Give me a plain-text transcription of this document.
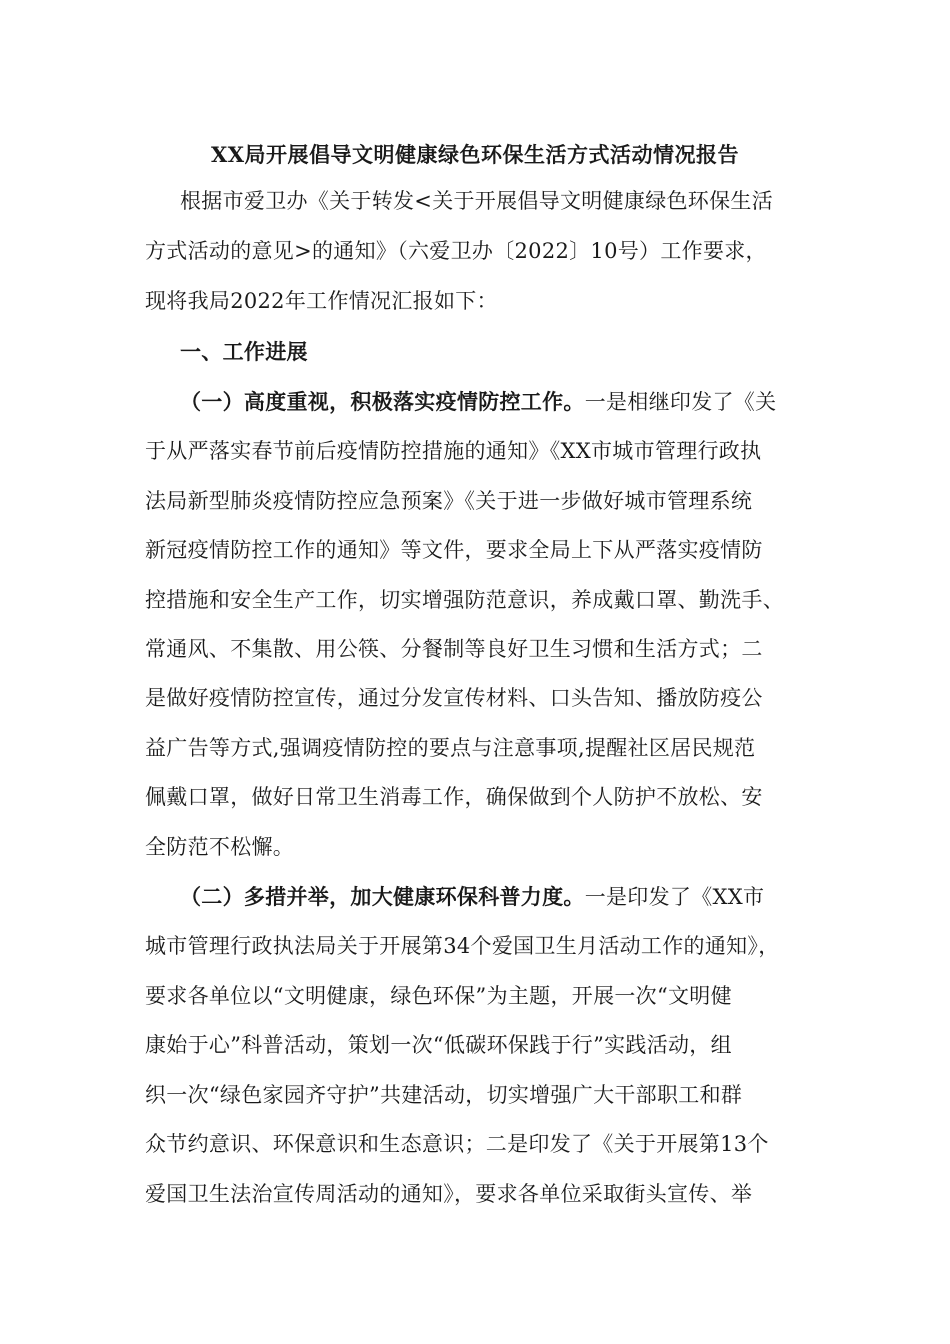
XX局开展倡导文明健康绿色环保生活方式活动情况报告
根据市爱卫办《关于转发<关于开展倡导文明健康绿色环保生活
方式活动的意见>的通知》（六爱卫办〔2022〕10号）工作要求，
现将我局2022年工作情况汇报如下：
一、工作进展
（一）高度重视，积极落实疫情防控工作。一是相继印发了《关
于从严落实春节前后疫情防控措施的通知》《XX市城市管理行政执
法局新型肺炎疫情防控应急预案》《关于进一步做好城市管理系统
新冠疫情防控工作的通知》等文件，要求全局上下从严落实疫情防
控措施和安全生产工作，切实增强防范意识，养成戴口罩、勤洗手、
常通风、不集散、用公筷、分餐制等良好卫生习惯和生活方式；二
是做好疫情防控宣传，通过分发宣传材料、口头告知、播放防疫公
益广告等方式,强调疫情防控的要点与注意事项,提醒社区居民规范
佩戴口罩，做好日常卫生消毒工作，确保做到个人防护不放松、安
全防范不松懈。
（二）多措并举，加大健康环保科普力度。一是印发了《XX市
城市管理行政执法局关于开展第34个爱国卫生月活动工作的通知》，
要求各单位以“文明健康，绿色环保”为主题，开展一次“文明健
康始于心”科普活动，策划一次“低碳环保践于行”实践活动，组
织一次“绿色家园齐守护”共建活动，切实增强广大干部职工和群
众节约意识、环保意识和生态意识；二是印发了《关于开展第13个
爱国卫生法治宣传周活动的通知》，要求各单位采取街头宣传、举
